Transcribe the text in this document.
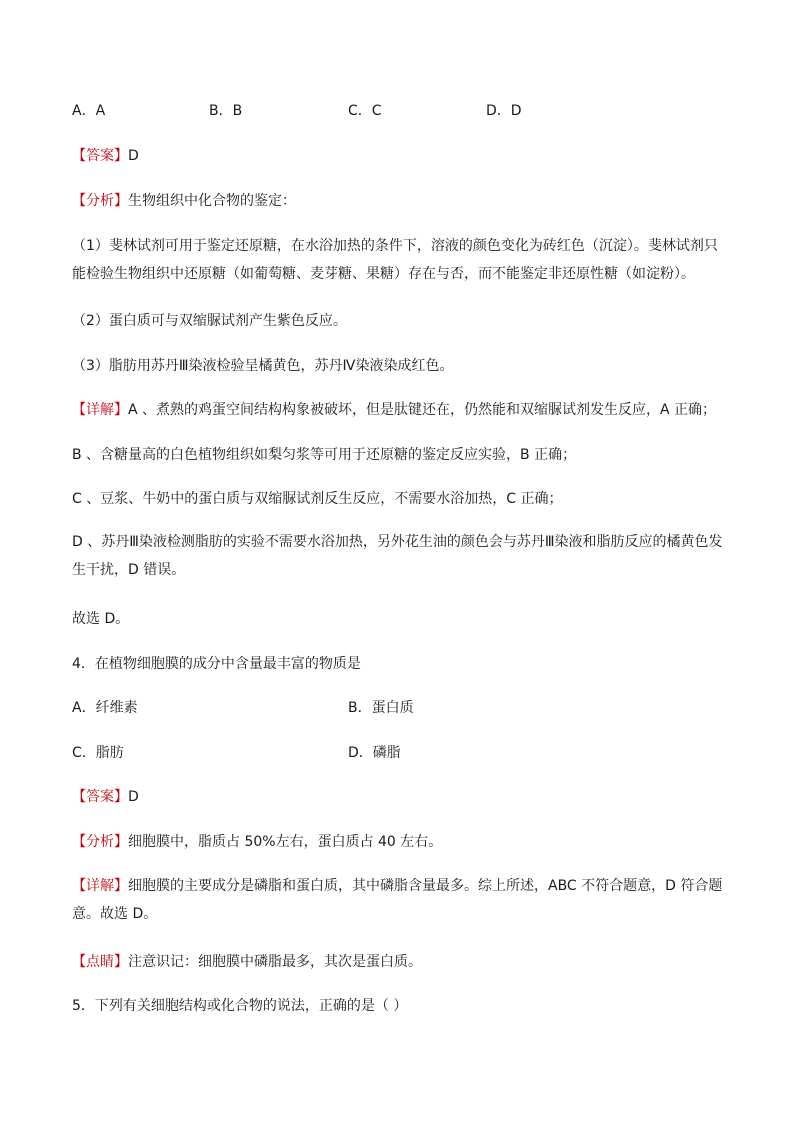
A．A	B．B	C．C	D．D
【答案】D
【分析】生物组织中化合物的鉴定：
（1）斐林试剂可用于鉴定还原糖，在水浴加热的条件下，溶液的颜色变化为砖红色（沉淀）。斐林试剂只能检验生物组织中还原糖（如葡萄糖、麦芽糖、果糖）存在与否，而不能鉴定非还原性糖（如淀粉）。
（2）蛋白质可与双缩脲试剂产生紫色反应。
（3）脂肪用苏丹Ⅲ染液检验呈橘黄色，苏丹Ⅳ染液染成红色。
【详解】A 、煮熟的鸡蛋空间结构构象被破坏，但是肽键还在，仍然能和双缩脲试剂发生反应，A 正确；
B 、含糖量高的白色植物组织如梨匀浆等可用于还原糖的鉴定反应实验，B 正确；
C 、豆浆、牛奶中的蛋白质与双缩脲试剂反生反应，不需要水浴加热，C 正确；
D 、苏丹Ⅲ染液检测脂肪的实验不需要水浴加热，另外花生油的颜色会与苏丹Ⅲ染液和脂肪反应的橘黄色发生干扰，D 错误。
故选 D。
4．在植物细胞膜的成分中含量最丰富的物质是
A．纤维素	B．蛋白质
C．脂肪	D．磷脂
【答案】D
【分析】细胞膜中，脂质占 50%左右，蛋白质占 40 左右。
【详解】细胞膜的主要成分是磷脂和蛋白质，其中磷脂含量最多。综上所述，ABC 不符合题意，D 符合题意。故选 D。
【点睛】注意识记：细胞膜中磷脂最多，其次是蛋白质。
5．下列有关细胞结构或化合物的说法，正确的是（ ）
